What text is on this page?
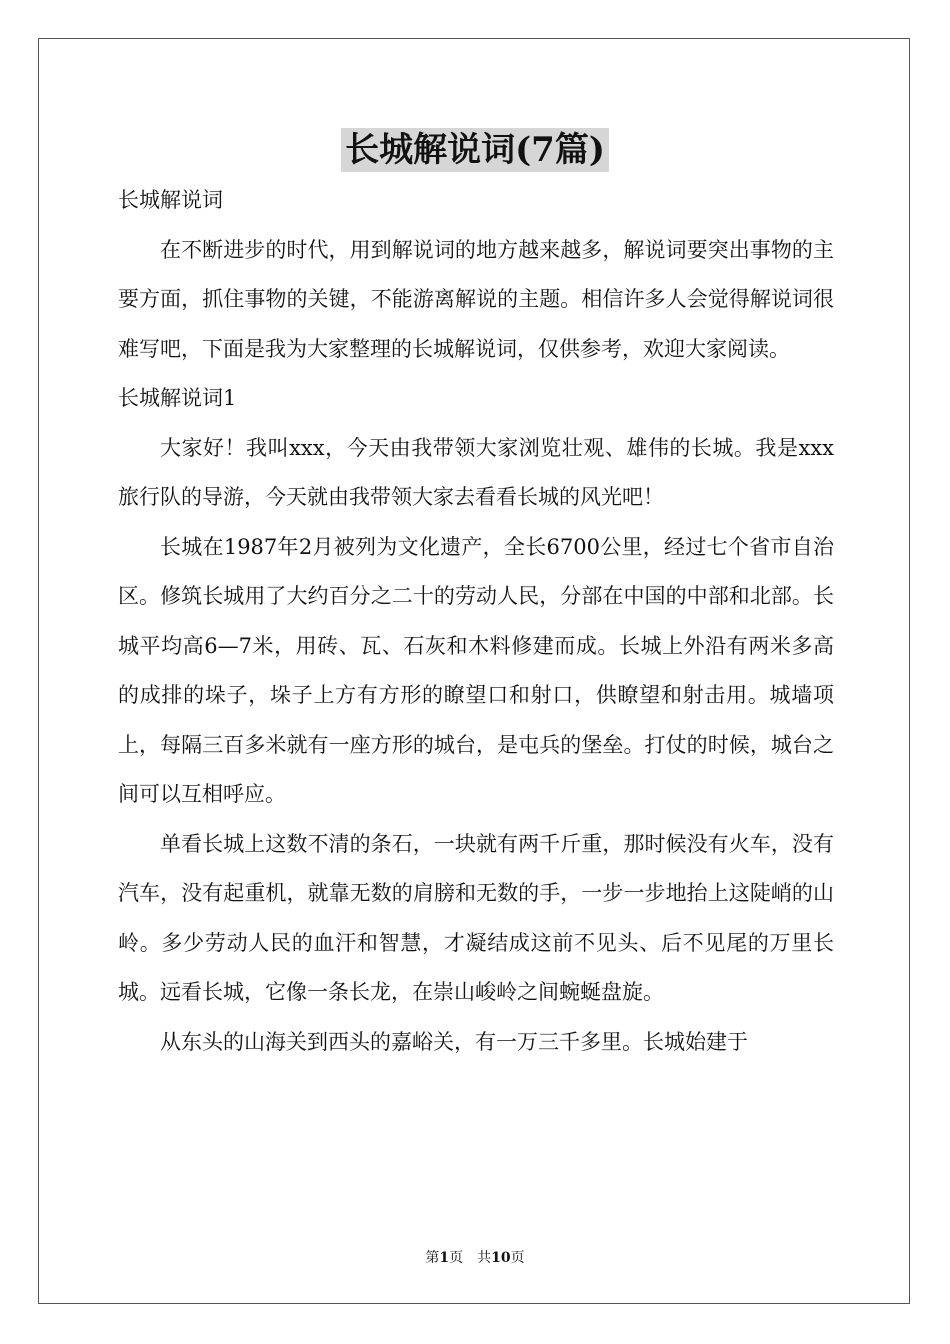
长城解说词(7篇)

长城解说词

在不断进步的时代，用到解说词的地方越来越多，解说词要突出事物的主要方面，抓住事物的关键，不能游离解说的主题。相信许多人会觉得解说词很难写吧，下面是我为大家整理的长城解说词，仅供参考，欢迎大家阅读。

长城解说词1

大家好！我叫xxx，今天由我带领大家浏览壮观、雄伟的长城。我是xxx旅行队的导游，今天就由我带领大家去看看长城的风光吧！

长城在1987年2月被列为文化遗产，全长6700公里，经过七个省市自治区。修筑长城用了大约百分之二十的劳动人民，分部在中国的中部和北部。长城平均高6—7米，用砖、瓦、石灰和木料修建而成。长城上外沿有两米多高的成排的垛子，垛子上方有方形的瞭望口和射口，供瞭望和射击用。城墙项上，每隔三百多米就有一座方形的城台，是屯兵的堡垒。打仗的时候，城台之间可以互相呼应。

单看长城上这数不清的条石，一块就有两千斤重，那时候没有火车，没有汽车，没有起重机，就靠无数的肩膀和无数的手，一步一步地抬上这陡峭的山岭。多少劳动人民的血汗和智慧，才凝结成这前不见头、后不见尾的万里长城。远看长城，它像一条长龙，在崇山峻岭之间蜿蜒盘旋。

从东头的山海关到西头的嘉峪关，有一万三千多里。长城始建于

第1页　共10页
